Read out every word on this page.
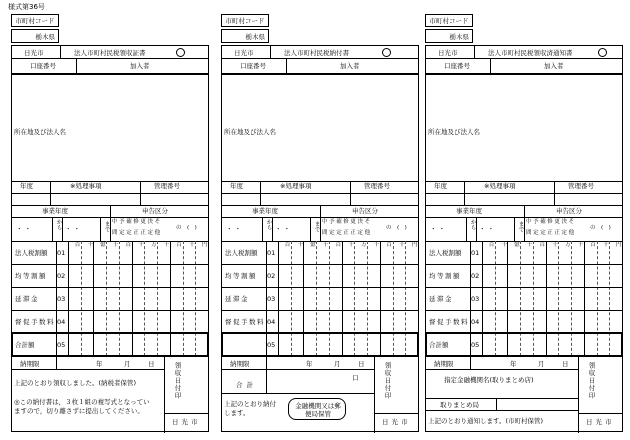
様式第36号
市町村コード
栃木県
日光市	法人市町村民税領収証書
口座番号	加入者
所在地及び法人名
年度	※処理事項	管理番号
事業年度	申告区分
・ ・	から ・ ・	まで 中予確修更決そ
間定定正正定他
の (　)
百 十 億 千 百 十 万 千 百 十 円
法人税割額 01
均等割額 02
延滞金	03
督促手数料 04
合計額	05
納期限	年	月	日	領収日付印
日光市
上記のとおり領収しました。(納税者保管)
◎この納付書は，３枚１組の複写式となっていますので，切り離さずに提出してください。
市町村コード
栃木県
日光市	法人市町村民税納付書
口座番号	加入者
所在地及び法人名
年度	※処理事項	管理番号
事業年度	申告区分
・ ・	から ・ ・	まで 中予確修更決そ
間定定正正定他
の (　)
百 十 億 千 百 十 万 千 百 十 円
法人税割額 01
均等割額 02
延滞金	03
督促手数料 04
05
納期限	年	月	日	領収日付印
日光市
合計
口
上記のとおり納付します。
金融機関又は郵便局保管
市町村コード
栃木県
日光市	法人市町村民税領収済通知書
口座番号	加入者
所在地及び法人名
年度	※処理事項	管理番号
事業年度	申告区分
・ ・	から ・ ・	まで 中予確修更決そ
間定定正正定他
の (　)
百 十 億 千 百 十 万 千 百 十 円
法人税割額 01
均等割額 02
延滞金	03
督促手数料 04
合計額	05
納期限	年	月	日	領収日付印
日光市
指定金融機関名(取りまとめ店)
取りまとめ局
上記のとおり通知します。(市町村保管)
